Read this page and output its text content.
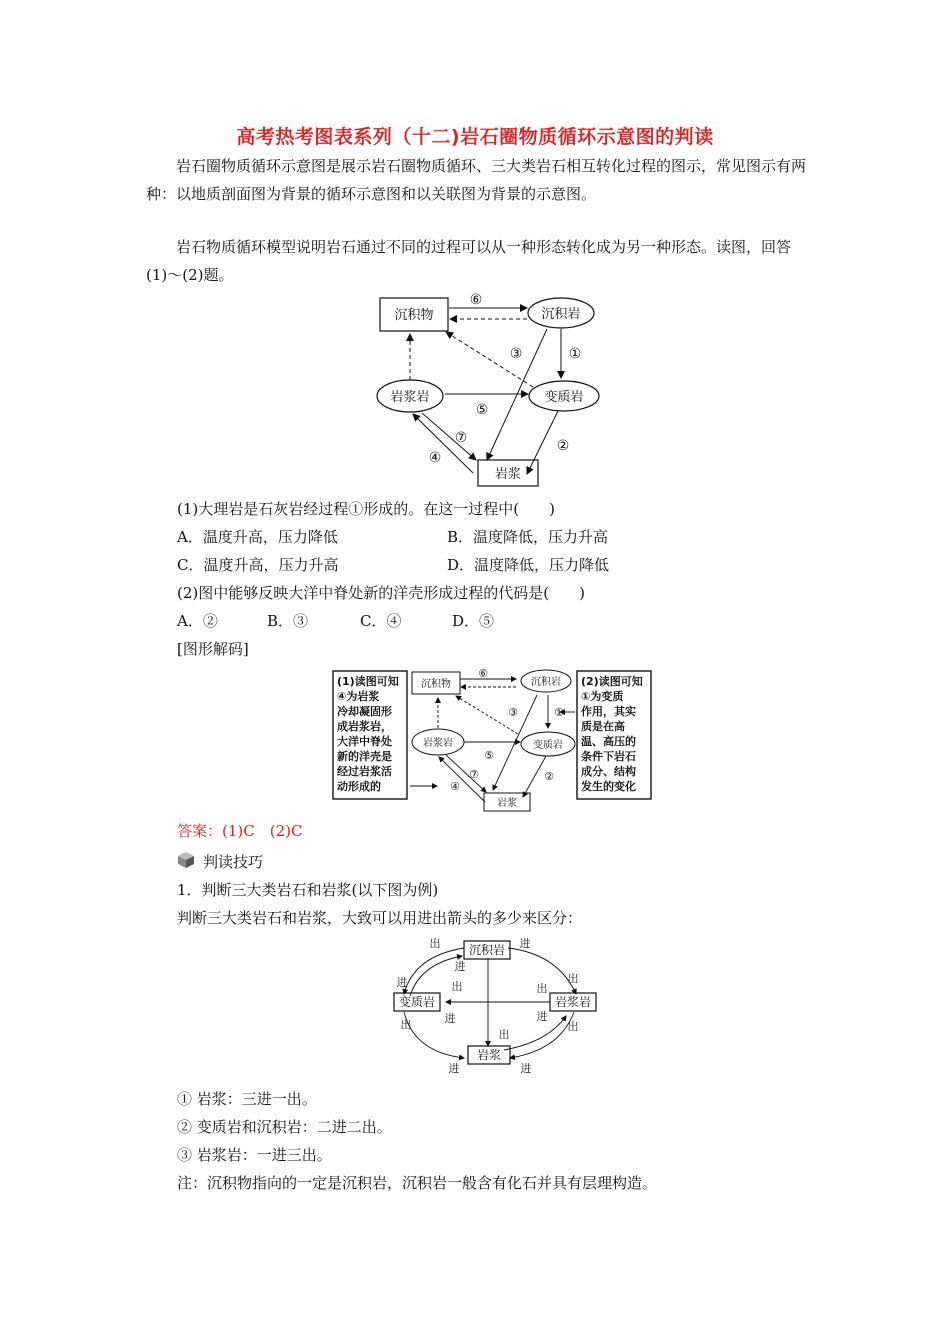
高考热考图表系列（十二)岩石圈物质循环示意图的判读
岩石圈物质循环示意图是展示岩石圈物质循环、三大类岩石相互转化过程的图示，常见图示有两种：以地质剖面图为背景的循环示意图和以关联图为背景的示意图。
岩石物质循环模型说明岩石通过不同的过程可以从一种形态转化成为另一种形态。读图，回答(1)～(2)题。
沉积物	沉积岩
岩浆岩	变质岩
岩浆
⑥
①
③
⑤
⑦
④
②
(1)大理岩是石灰岩经过程①形成的。在这一过程中(　　)
A．温度升高，压力降低	B．温度降低，压力升高
C．温度升高，压力升高	D．温度降低，压力降低
(2)图中能够反映大洋中脊处新的洋壳形成过程的代码是(　　)
A．②	B．③	C．④	D．⑤
[图形解码]
沉积物	沉积岩
岩浆岩	变质岩
岩浆
⑥
①
③
⑤
⑦
④
②
(1)读图可知
④为岩浆
冷却凝固形
成岩浆岩，
大洋中脊处
新的洋壳是
经过岩浆活
动形成的
(2)读图可知
①为变质
作用，其实
质是在高
温、高压的
条件下岩石
成分、结构
发生的变化
答案：(1)C　(2)C
判读技巧
1．判断三大类岩石和岩浆(以下图为例)
判断三大类岩石和岩浆，大致可以用进出箭头的多少来区分：
沉积岩
变质岩	岩浆岩
岩浆
出
进
进
出
进	出
进
出
出
进
出
出
进	进
① 岩浆：三进一出。
② 变质岩和沉积岩：二进二出。
③ 岩浆岩：一进三出。
注：沉积物指向的一定是沉积岩，沉积岩一般含有化石并具有层理构造。
